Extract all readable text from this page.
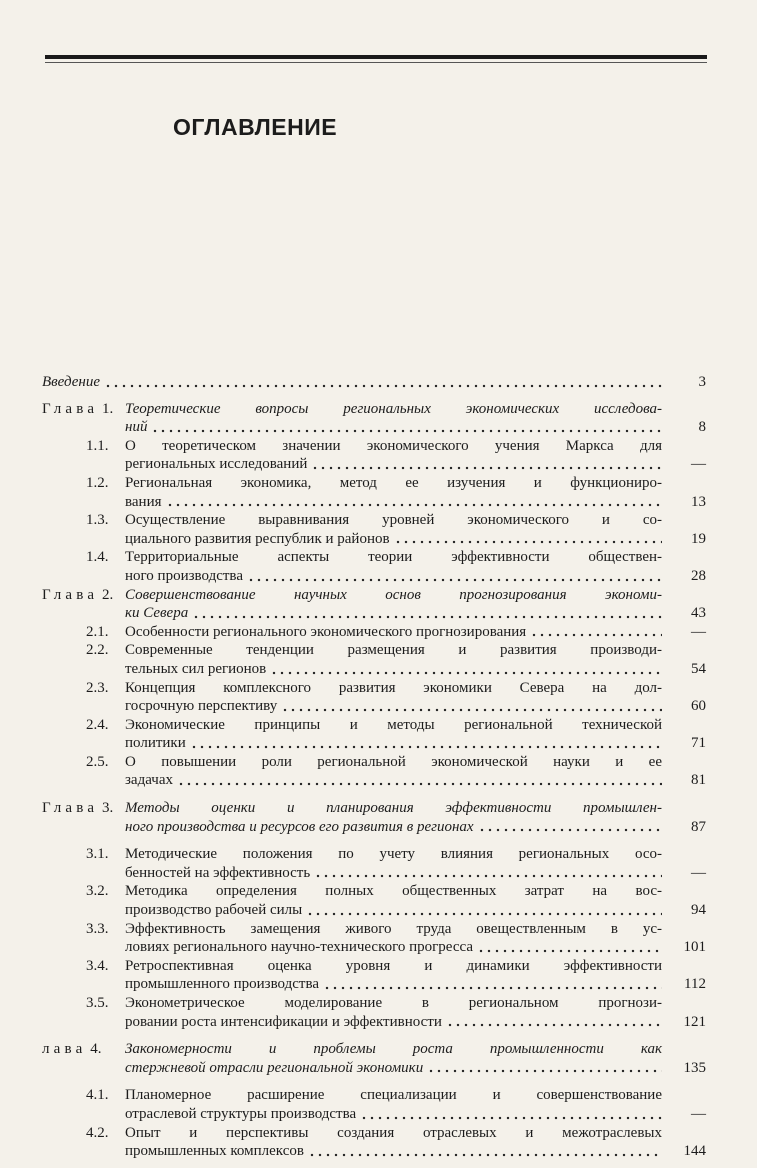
ОГЛАВЛЕНИЕ
Введение	3
Глава 1. Теоретические вопросы региональных экономических исследова-
ний	8
1.1.	О теоретическом значении экономического учения Маркса для
региональных исследований	—
1.2.	Региональная экономика, метод ее изучения и функциониро-
вания	13
1.3.	Осуществление выравнивания уровней экономического и со-
циального развития республик и районов	19
1.4.	Территориальные аспекты теории эффективности обществен-
ного производства	28
Глава 2. Совершенствование научных основ прогнозирования экономи-
ки Севера	43
2.1.	Особенности регионального экономического прогнозирования	—
2.2.	Современные тенденции размещения и развития производи-
тельных сил регионов	54
2.3.	Концепция комплексного развития экономики Севера на дол-
госрочную перспективу	60
2.4.	Экономические принципы и методы региональной технической
политики	71
2.5.	О повышении роли региональной экономической науки и ее
задачах	81
Глава 3. Методы оценки и планирования эффективности промышлен-
ного производства и ресурсов его развития в регионах	87
3.1.	Методические положения по учету влияния региональных осо-
бенностей на эффективность	—
3.2.	Методика определения полных общественных затрат на вос-
производство рабочей силы	94
3.3.	Эффективность замещения живого труда овеществленным в ус-
ловиях регионального научно-технического прогресса	101
3.4.	Ретроспективная оценка уровня и динамики эффективности
промышленного производства	112
3.5.	Эконометрическое моделирование в региональном прогнози-
ровании роста интенсификации и эффективности	121
лава 4.	Закономерности и проблемы роста промышленности как
стержневой отрасли региональной экономики	135
4.1.	Планомерное расширение специализации и совершенствование
отраслевой структуры производства	—
4.2.	Опыт и перспективы создания отраслевых и межотраслевых
промышленных комплексов	144
